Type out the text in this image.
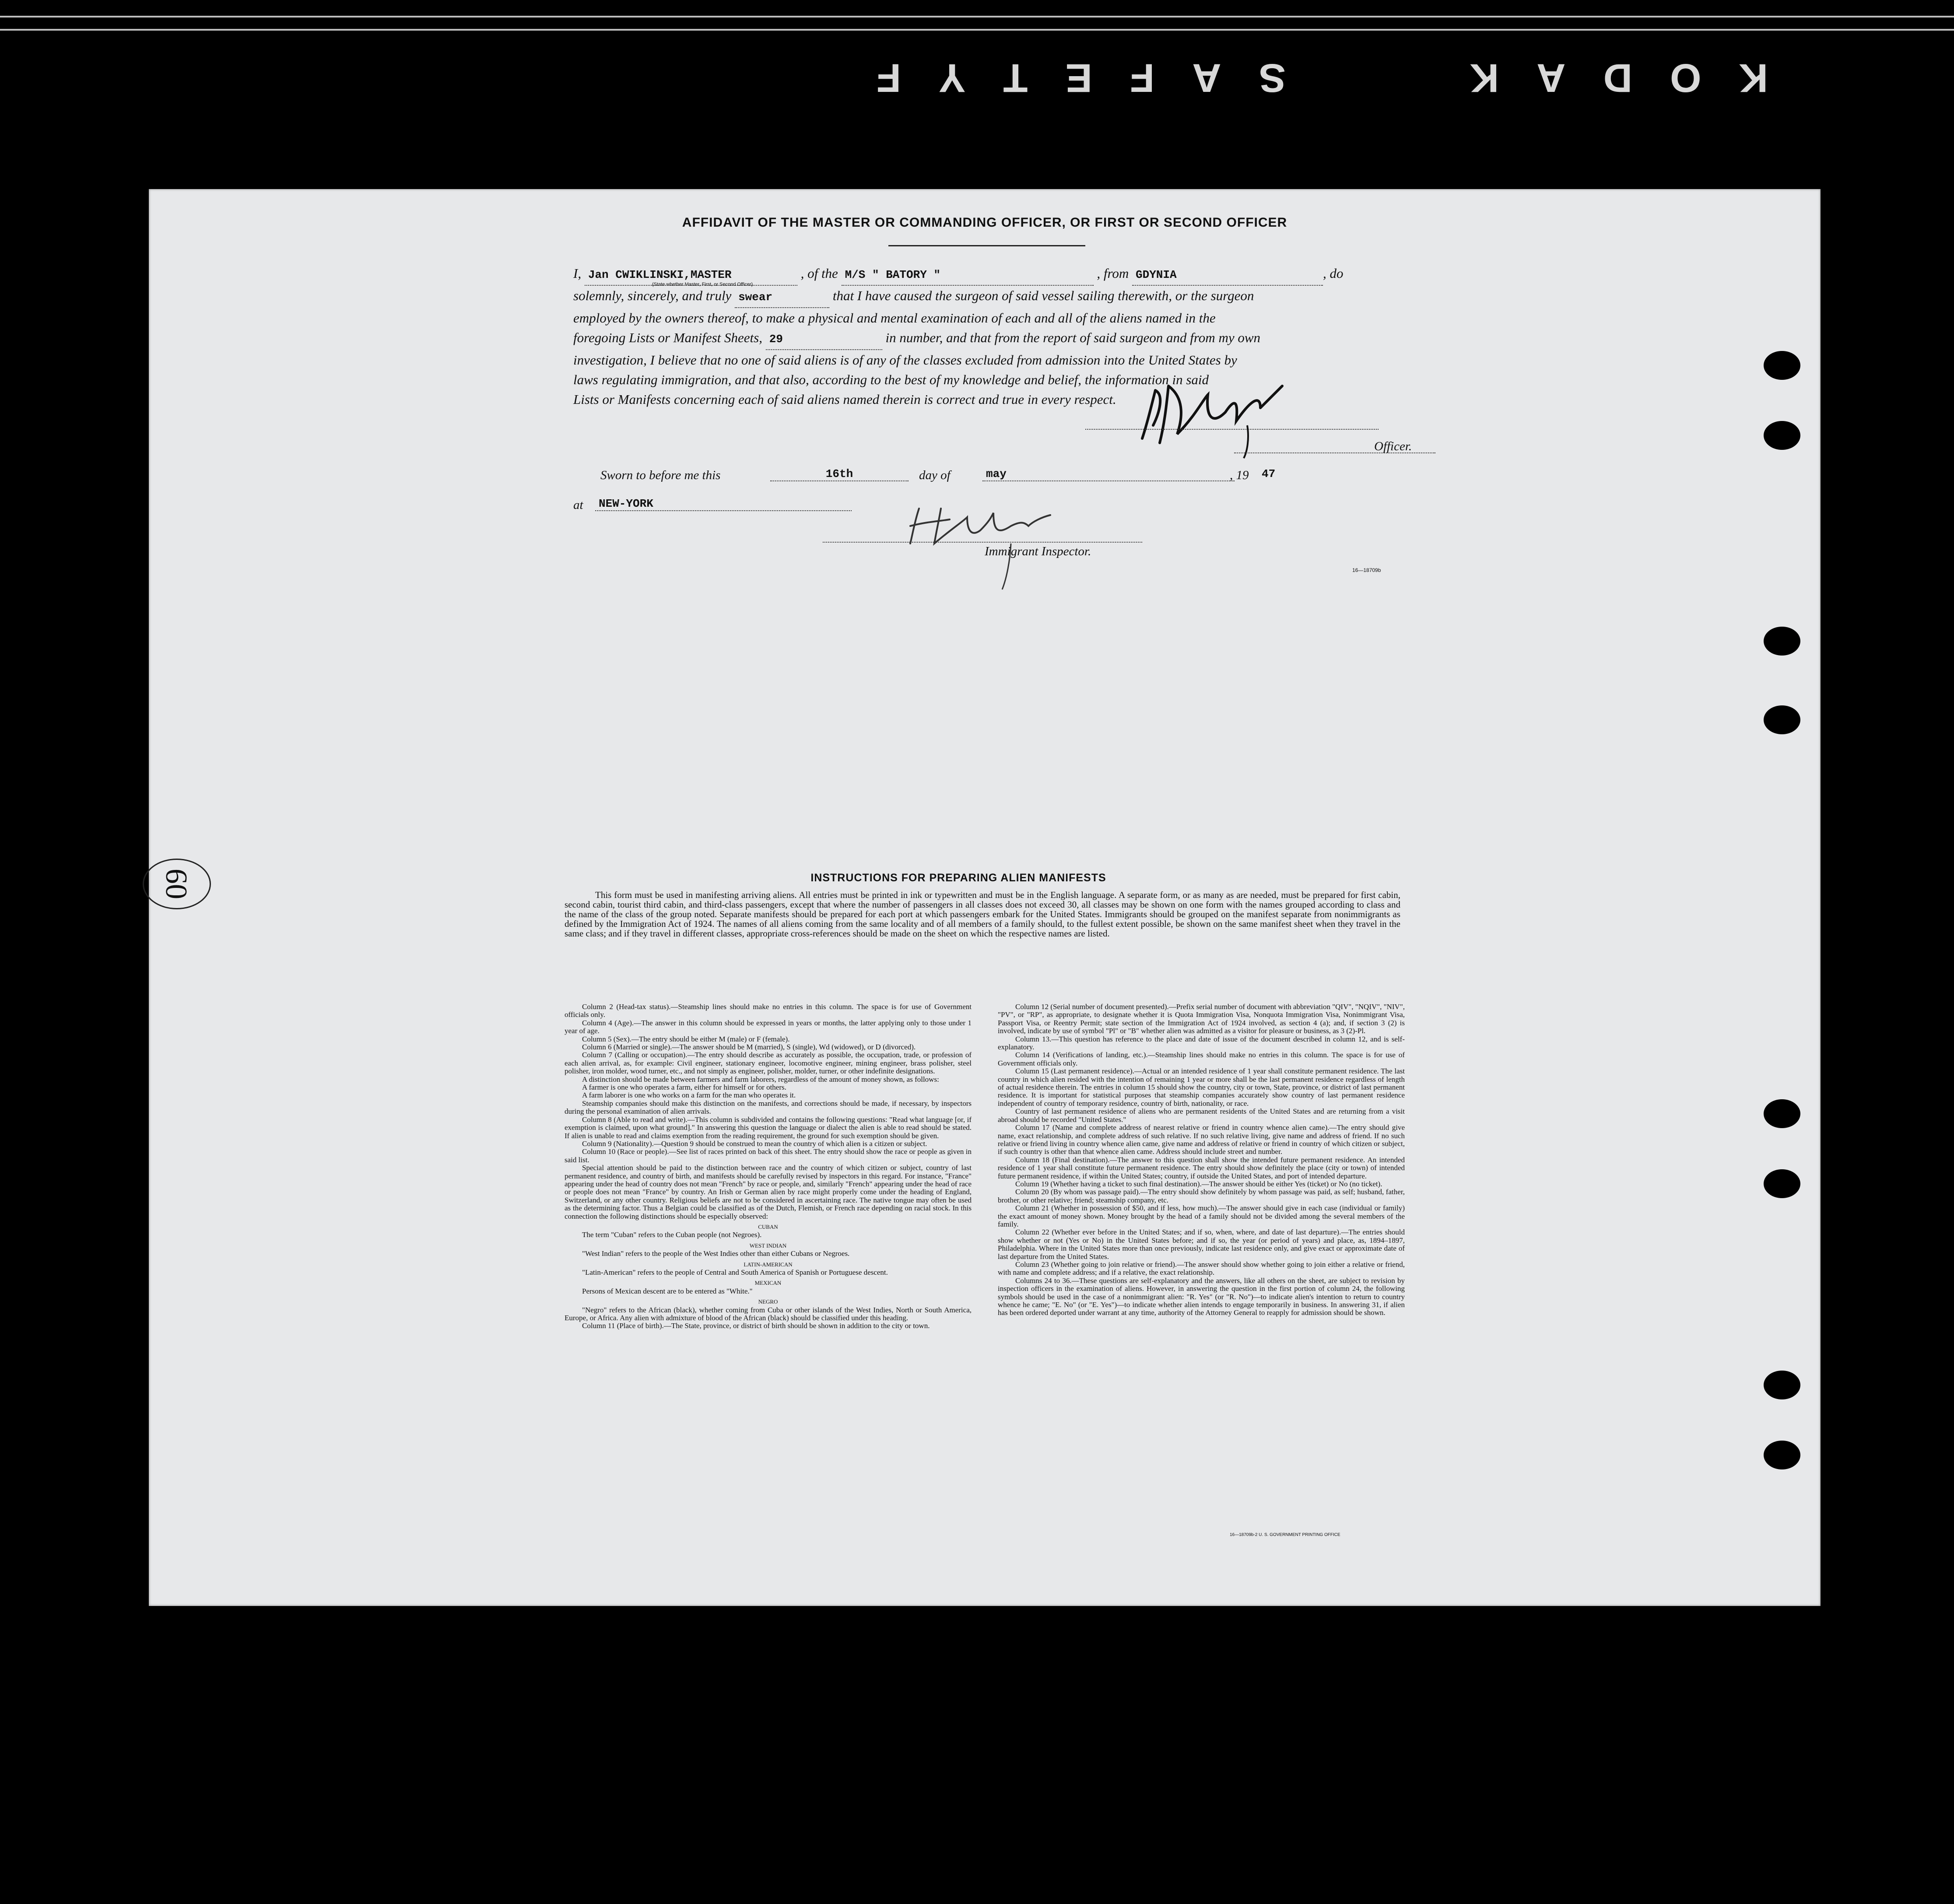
KODAK   SAFETYF
09
AFFIDAVIT OF THE MASTER OR COMMANDING OFFICER, OR FIRST OR SECOND OFFICER

I, Jan CWIKLINSKI,MASTER	, of the M/S " BATORY "	, from GDYNIA	, do

solemnly, sincerely, and truly swear	that I have caused the surgeon of said vessel sailing therewith, or the surgeon

employed by the owners thereof, to make a physical and mental examination of each and all of the aliens named in the

foregoing Lists or Manifest Sheets, 29	in number, and that from the report of said surgeon and from my own

investigation, I believe that no one of said aliens is of any of the classes excluded from admission into the United States by

laws regulating immigration, and that also, according to the best of my knowledge and belief, the information in said

Lists or Manifests concerning each of said aliens named therein is correct and true in every respect.

(State whether Master, First, or Second Officer)
Officer.
Sworn to before me this	16th	day of	may	, 19	47
at	NEW-YORK
Immigrant Inspector.
16—18709b
INSTRUCTIONS FOR PREPARING ALIEN MANIFESTS
This form must be used in manifesting arriving aliens. All entries must be printed in ink or typewritten and must be in the English language. A separate form, or as many as are needed, must be prepared for first cabin, second cabin, tourist third cabin, and third-class passengers, except that where the number of passengers in all classes does not exceed 30, all classes may be shown on one form with the names grouped according to class and the name of the class of the group noted. Separate manifests should be prepared for each port at which passengers embark for the United States. Immigrants should be grouped on the manifest separate from nonimmigrants as defined by the Immigration Act of 1924. The names of all aliens coming from the same locality and of all members of a family should, to the fullest extent possible, be shown on the same manifest sheet when they travel in the same class; and if they travel in different classes, appropriate cross-references should be made on the sheet on which the respective names are listed.

Column 2 (Head-tax status).—Steamship lines should make no entries in this column. The space is for use of Government officials only.

Column 4 (Age).—The answer in this column should be expressed in years or months, the latter applying only to those under 1 year of age.

Column 5 (Sex).—The entry should be either M (male) or F (female).

Column 6 (Married or single).—The answer should be M (married), S (single), Wd (widowed), or D (divorced).

Column 7 (Calling or occupation).—The entry should describe as accurately as possible, the occupation, trade, or profession of each alien arrival, as, for example: Civil engineer, stationary engineer, locomotive engineer, mining engineer, brass polisher, steel polisher, iron molder, wood turner, etc., and not simply as engineer, polisher, molder, turner, or other indefinite designations.

A distinction should be made between farmers and farm laborers, regardless of the amount of money shown, as follows:

A farmer is one who operates a farm, either for himself or for others.

A farm laborer is one who works on a farm for the man who operates it.

Steamship companies should make this distinction on the manifests, and corrections should be made, if necessary, by inspectors during the personal examination of alien arrivals.

Column 8 (Able to read and write).—This column is subdivided and contains the following questions: "Read what language [or, if exemption is claimed, upon what ground]." In answering this question the language or dialect the alien is able to read should be stated. If alien is unable to read and claims exemption from the reading requirement, the ground for such exemption should be given.

Column 9 (Nationality).—Question 9 should be construed to mean the country of which alien is a citizen or subject.

Column 10 (Race or people).—See list of races printed on back of this sheet. The entry should show the race or people as given in said list.

Special attention should be paid to the distinction between race and the country of which citizen or subject, country of last permanent residence, and country of birth, and manifests should be carefully revised by inspectors in this regard. For instance, "France" appearing under the head of country does not mean "French" by race or people, and, similarly "French" appearing under the head of race or people does not mean "France" by country. An Irish or German alien by race might properly come under the heading of England, Switzerland, or any other country. Religious beliefs are not to be considered in ascertaining race. The native tongue may often be used as the determining factor. Thus a Belgian could be classified as of the Dutch, Flemish, or French race depending on racial stock. In this connection the following distinctions should be especially observed:

CUBAN

The term "Cuban" refers to the Cuban people (not Negroes).

WEST INDIAN

"West Indian" refers to the people of the West Indies other than either Cubans or Negroes.

LATIN-AMERICAN

"Latin-American" refers to the people of Central and South America of Spanish or Portuguese descent.

MEXICAN

Persons of Mexican descent are to be entered as "White."

NEGRO

"Negro" refers to the African (black), whether coming from Cuba or other islands of the West Indies, North or South America, Europe, or Africa. Any alien with admixture of blood of the African (black) should be classified under this heading.

Column 11 (Place of birth).—The State, province, or district of birth should be shown in addition to the city or town.

Column 12 (Serial number of document presented).—Prefix serial number of document with abbreviation "QIV", "NQIV", "NIV", "PV", or "RP", as appropriate, to designate whether it is Quota Immigration Visa, Nonquota Immigration Visa, Nonimmigrant Visa, Passport Visa, or Reentry Permit; state section of the Immigration Act of 1924 involved, as section 4 (a); and, if section 3 (2) is involved, indicate by use of symbol "Pl" or "B" whether alien was admitted as a visitor for pleasure or business, as 3 (2)-Pl.

Column 13.—This question has reference to the place and date of issue of the document described in column 12, and is self-explanatory.

Column 14 (Verifications of landing, etc.).—Steamship lines should make no entries in this column. The space is for use of Government officials only.

Column 15 (Last permanent residence).—Actual or an intended residence of 1 year shall constitute permanent residence. The last country in which alien resided with the intention of remaining 1 year or more shall be the last permanent residence regardless of length of actual residence therein. The entries in column 15 should show the country, city or town, State, province, or district of last permanent residence. It is important for statistical purposes that steamship companies accurately show country of last permanent residence independent of country of temporary residence, country of birth, nationality, or race.

Country of last permanent residence of aliens who are permanent residents of the United States and are returning from a visit abroad should be recorded "United States."

Column 17 (Name and complete address of nearest relative or friend in country whence alien came).—The entry should give name, exact relationship, and complete address of such relative. If no such relative living, give name and address of friend. If no such relative or friend living in country whence alien came, give name and address of relative or friend in country of which citizen or subject, if such country is other than that whence alien came. Address should include street and number.

Column 18 (Final destination).—The answer to this question shall show the intended future permanent residence. An intended residence of 1 year shall constitute future permanent residence. The entry should show definitely the place (city or town) of intended future permanent residence, if within the United States; country, if outside the United States, and port of intended departure.

Column 19 (Whether having a ticket to such final destination).—The answer should be either Yes (ticket) or No (no ticket).

Column 20 (By whom was passage paid).—The entry should show definitely by whom passage was paid, as self; husband, father, brother, or other relative; friend; steamship company, etc.

Column 21 (Whether in possession of $50, and if less, how much).—The answer should give in each case (individual or family) the exact amount of money shown. Money brought by the head of a family should not be divided among the several members of the family.

Column 22 (Whether ever before in the United States; and if so, when, where, and date of last departure).—The entries should show whether or not (Yes or No) in the United States before; and if so, the year (or period of years) and place, as, 1894–1897, Philadelphia. Where in the United States more than once previously, indicate last residence only, and give exact or approximate date of last departure from the United States.

Column 23 (Whether going to join relative or friend).—The answer should show whether going to join either a relative or friend, with name and complete address; and if a relative, the exact relationship.

Columns 24 to 36.—These questions are self-explanatory and the answers, like all others on the sheet, are subject to revision by inspection officers in the examination of aliens. However, in answering the question in the first portion of column 24, the following symbols should be used in the case of a nonimmigrant alien: "R. Yes" (or "R. No")—to indicate alien's intention to return to country whence he came; "E. No" (or "E. Yes")—to indicate whether alien intends to engage temporarily in business. In answering 31, if alien has been ordered deported under warrant at any time, authority of the Attorney General to reapply for admission should be shown.

16—18709b-2 U. S. GOVERNMENT PRINTING OFFICE
